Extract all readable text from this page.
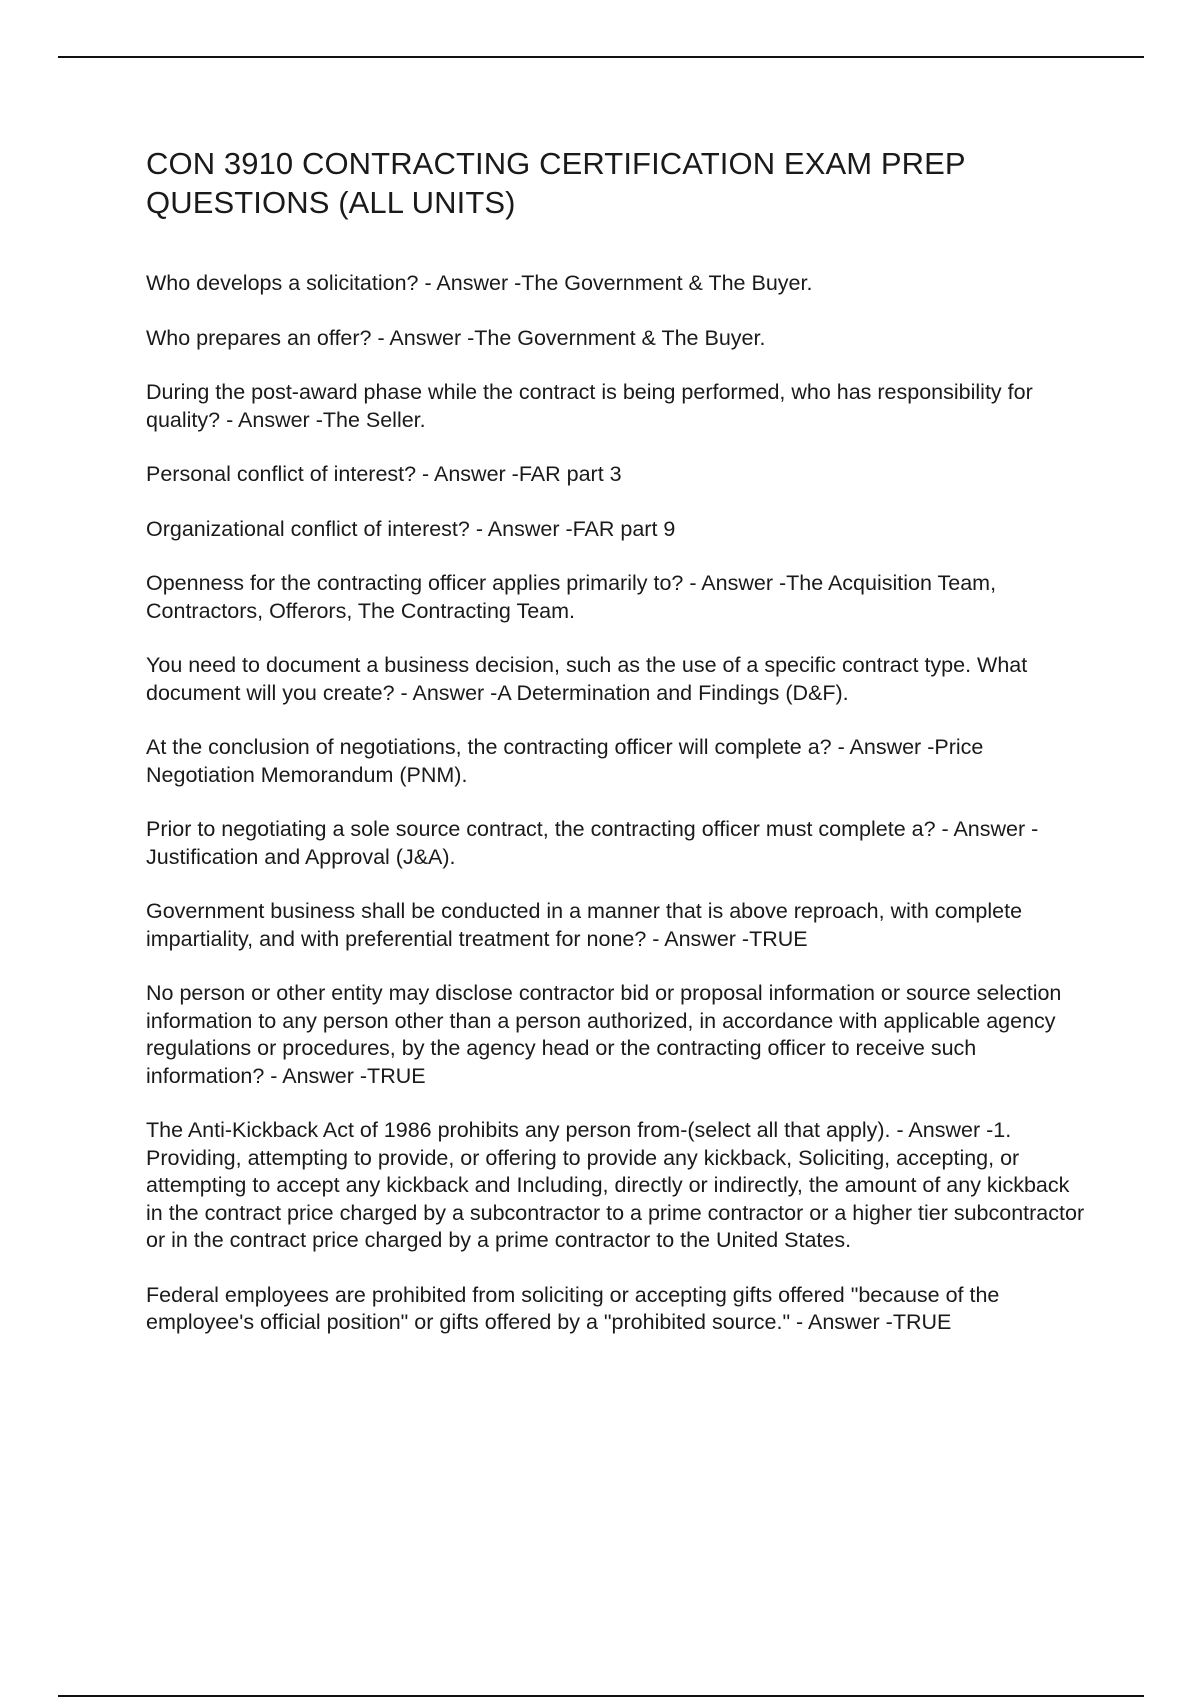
CON 3910 CONTRACTING CERTIFICATION EXAM PREP QUESTIONS (ALL UNITS)
Who develops a solicitation? - Answer -The Government & The Buyer.
Who prepares an offer? - Answer -The Government & The Buyer.
During the post-award phase while the contract is being performed, who has responsibility for quality? - Answer -The Seller.
Personal conflict of interest? - Answer -FAR part 3
Organizational conflict of interest? - Answer -FAR part 9
Openness for the contracting officer applies primarily to? - Answer -The Acquisition Team, Contractors, Offerors, The Contracting Team.
You need to document a business decision, such as the use of a specific contract type. What document will you create? - Answer -A Determination and Findings (D&F).
At the conclusion of negotiations, the contracting officer will complete a? - Answer -Price Negotiation Memorandum (PNM).
Prior to negotiating a sole source contract, the contracting officer must complete a? - Answer -Justification and Approval (J&A).
Government business shall be conducted in a manner that is above reproach, with complete impartiality, and with preferential treatment for none? - Answer -TRUE
No person or other entity may disclose contractor bid or proposal information or source selection information to any person other than a person authorized, in accordance with applicable agency regulations or procedures, by the agency head or the contracting officer to receive such information? - Answer -TRUE
The Anti-Kickback Act of 1986 prohibits any person from-(select all that apply). - Answer -1. Providing, attempting to provide, or offering to provide any kickback, Soliciting, accepting, or attempting to accept any kickback and Including, directly or indirectly, the amount of any kickback in the contract price charged by a subcontractor to a prime contractor or a higher tier subcontractor or in the contract price charged by a prime contractor to the United States.
Federal employees are prohibited from soliciting or accepting gifts offered "because of the employee's official position" or gifts offered by a "prohibited source." - Answer -TRUE
